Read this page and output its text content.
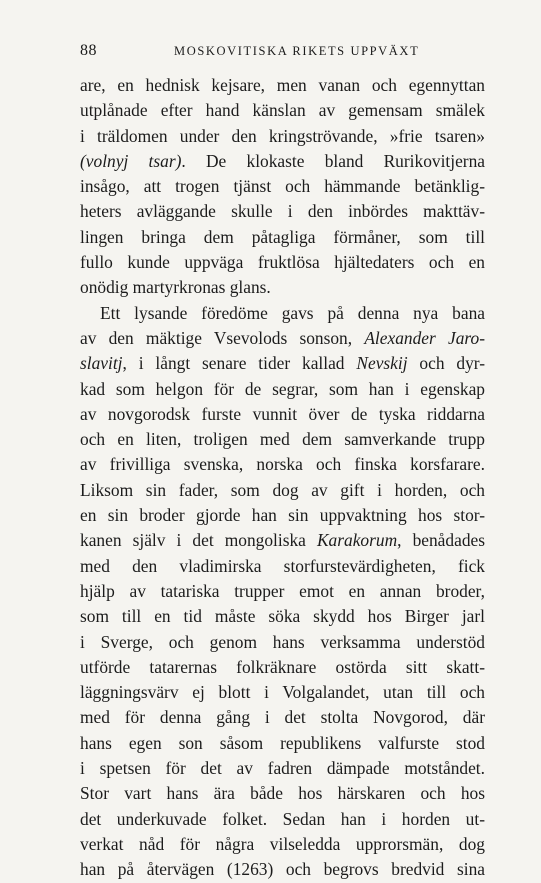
88	MOSKOVITISKA RIKETS UPPVÄXT
are, en hednisk kejsare, men vanan och egennyttan
utplånade efter hand känslan av gemensam smälek
i träldomen under den kringströvande, »frie tsaren»
(volnyj tsar). De klokaste bland Rurikovitjerna
insågo, att trogen tjänst och hämmande betänklig-
heters avläggande skulle i den inbördes makttäv-
lingen bringa dem påtagliga förmåner, som till
fullo kunde uppväga fruktlösa hjältedaters och en
onödig martyrkronas glans.
Ett lysande föredöme gavs på denna nya bana
av den mäktige Vsevolods sonson, Alexander Jaro-
slavitj, i långt senare tider kallad Nevskij och dyr-
kad som helgon för de segrar, som han i egenskap
av novgorodsk furste vunnit över de tyska riddarna
och en liten, troligen med dem samverkande trupp
av frivilliga svenska, norska och finska korsfarare.
Liksom sin fader, som dog av gift i horden, och
en sin broder gjorde han sin uppvaktning hos stor-
kanen själv i det mongoliska Karakorum, benådades
med den vladimirska storfurstevärdigheten, fick
hjälp av tatariska trupper emot en annan broder,
som till en tid måste söka skydd hos Birger jarl
i Sverge, och genom hans verksamma understöd
utförde tatarernas folkräknare ostörda sitt skatt-
läggningsvärv ej blott i Volgalandet, utan till och
med för denna gång i det stolta Novgorod, där
hans egen son såsom republikens valfurste stod
i spetsen för det av fadren dämpade motståndet.
Stor vart hans ära både hos härskaren och hos
det underkuvade folket. Sedan han i horden ut-
verkat nåd för några vilseledda upprorsmän, dog
han på återvägen (1263) och begrovs bredvid sina
